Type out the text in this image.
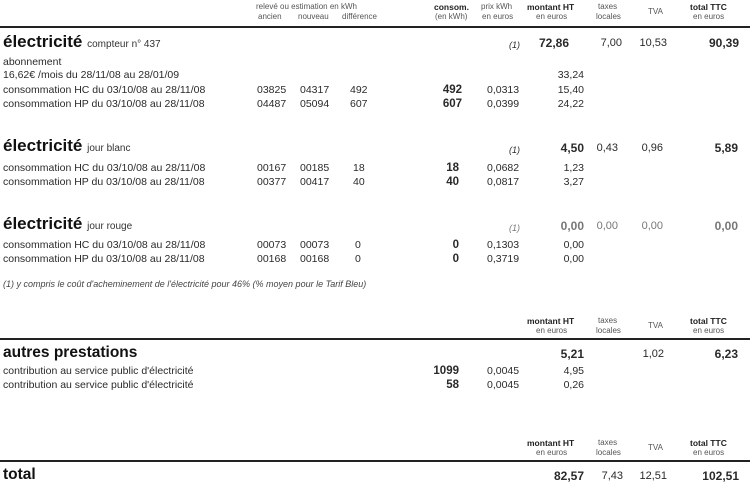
relevé ou estimation en kWh
ancien nouveau différence
consom.
(en kWh)
prix kWh
en euros
montant HT
en euros
taxes
locales
TVA	total TTC
en euros
électricité compteur n° 437	(1) 72,86	7,00 10,53	90,39
abonnement
16,62€ /mois du 28/11/08 au 28/01/09	33,24
consommation HC du 03/10/08 au 28/11/08	03825 04317 492	492 0,0313	15,40
consommation HP du 03/10/08 au 28/11/08	04487 05094 607	607 0,0399	24,22
électricité jour blanc	(1)	4,50 0,43 0,96	5,89
consommation HC du 03/10/08 au 28/11/08	00167 00185 18	18	0,0682	1,23
consommation HP du 03/10/08 au 28/11/08	00377 00417 40	40	0,0817	3,27
électricité jour rouge	(1)	0,00 0,00 0,00	0,00
consommation HC du 03/10/08 au 28/11/08	00073 00073 0	0	0,1303	0,00
consommation HP du 03/10/08 au 28/11/08	00168 00168 0	0	0,3719	0,00
(1) y compris le coût d'acheminement de l'électricité pour 46% (% moyen pour le Tarif Bleu)
montant HT
en euros
taxes
locales
TVA	total TTC
en euros
autres prestations	5,21	1,02	6,23
contribution au service public d'électricité	1099	0,0045	4,95
contribution au service public d'électricité	58	0,0045	0,26
montant HT
en euros
taxes
locales
TVA	total TTC
en euros
total	82,57 7,43 12,51	102,51
